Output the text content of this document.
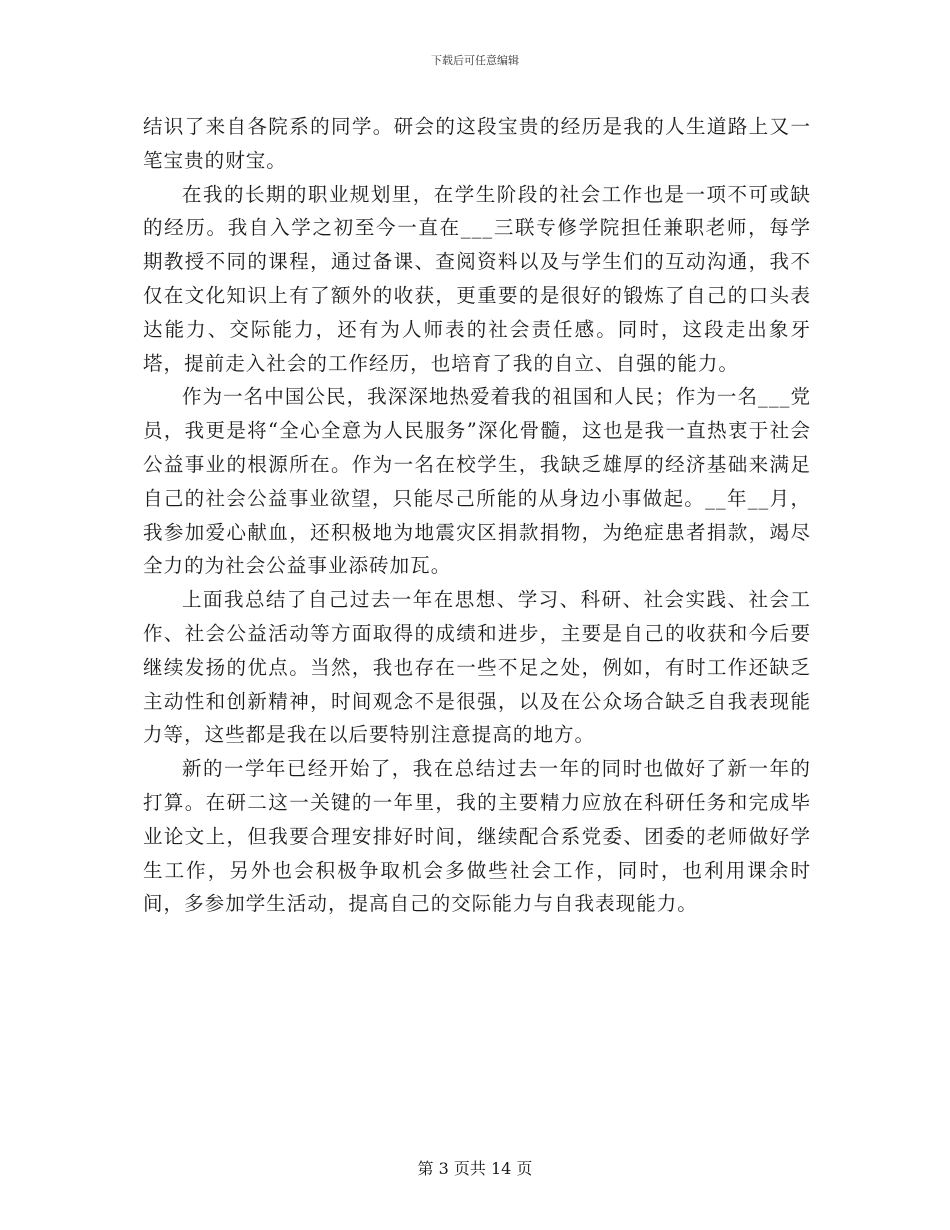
下载后可任意编辑

结识了来自各院系的同学。研会的这段宝贵的经历是我的人生道路上又一笔宝贵的财宝。

在我的长期的职业规划里，在学生阶段的社会工作也是一项不可或缺的经历。我自入学之初至今一直在___三联专修学院担任兼职老师，每学期教授不同的课程，通过备课、查阅资料以及与学生们的互动沟通，我不仅在文化知识上有了额外的收获，更重要的是很好的锻炼了自己的口头表达能力、交际能力，还有为人师表的社会责任感。同时，这段走出象牙塔，提前走入社会的工作经历，也培育了我的自立、自强的能力。

作为一名中国公民，我深深地热爱着我的祖国和人民；作为一名___党员，我更是将“全心全意为人民服务”深化骨髓，这也是我一直热衷于社会公益事业的根源所在。作为一名在校学生，我缺乏雄厚的经济基础来满足自己的社会公益事业欲望，只能尽己所能的从身边小事做起。__年__月，我参加爱心献血，还积极地为地震灾区捐款捐物，为绝症患者捐款，竭尽全力的为社会公益事业添砖加瓦。

上面我总结了自己过去一年在思想、学习、科研、社会实践、社会工作、社会公益活动等方面取得的成绩和进步，主要是自己的收获和今后要继续发扬的优点。当然，我也存在一些不足之处，例如，有时工作还缺乏主动性和创新精神，时间观念不是很强，以及在公众场合缺乏自我表现能力等，这些都是我在以后要特别注意提高的地方。

新的一学年已经开始了，我在总结过去一年的同时也做好了新一年的打算。在研二这一关键的一年里，我的主要精力应放在科研任务和完成毕业论文上，但我要合理安排好时间，继续配合系党委、团委的老师做好学生工作，另外也会积极争取机会多做些社会工作，同时，也利用课余时间，多参加学生活动，提高自己的交际能力与自我表现能力。

第 3 页共 14 页
